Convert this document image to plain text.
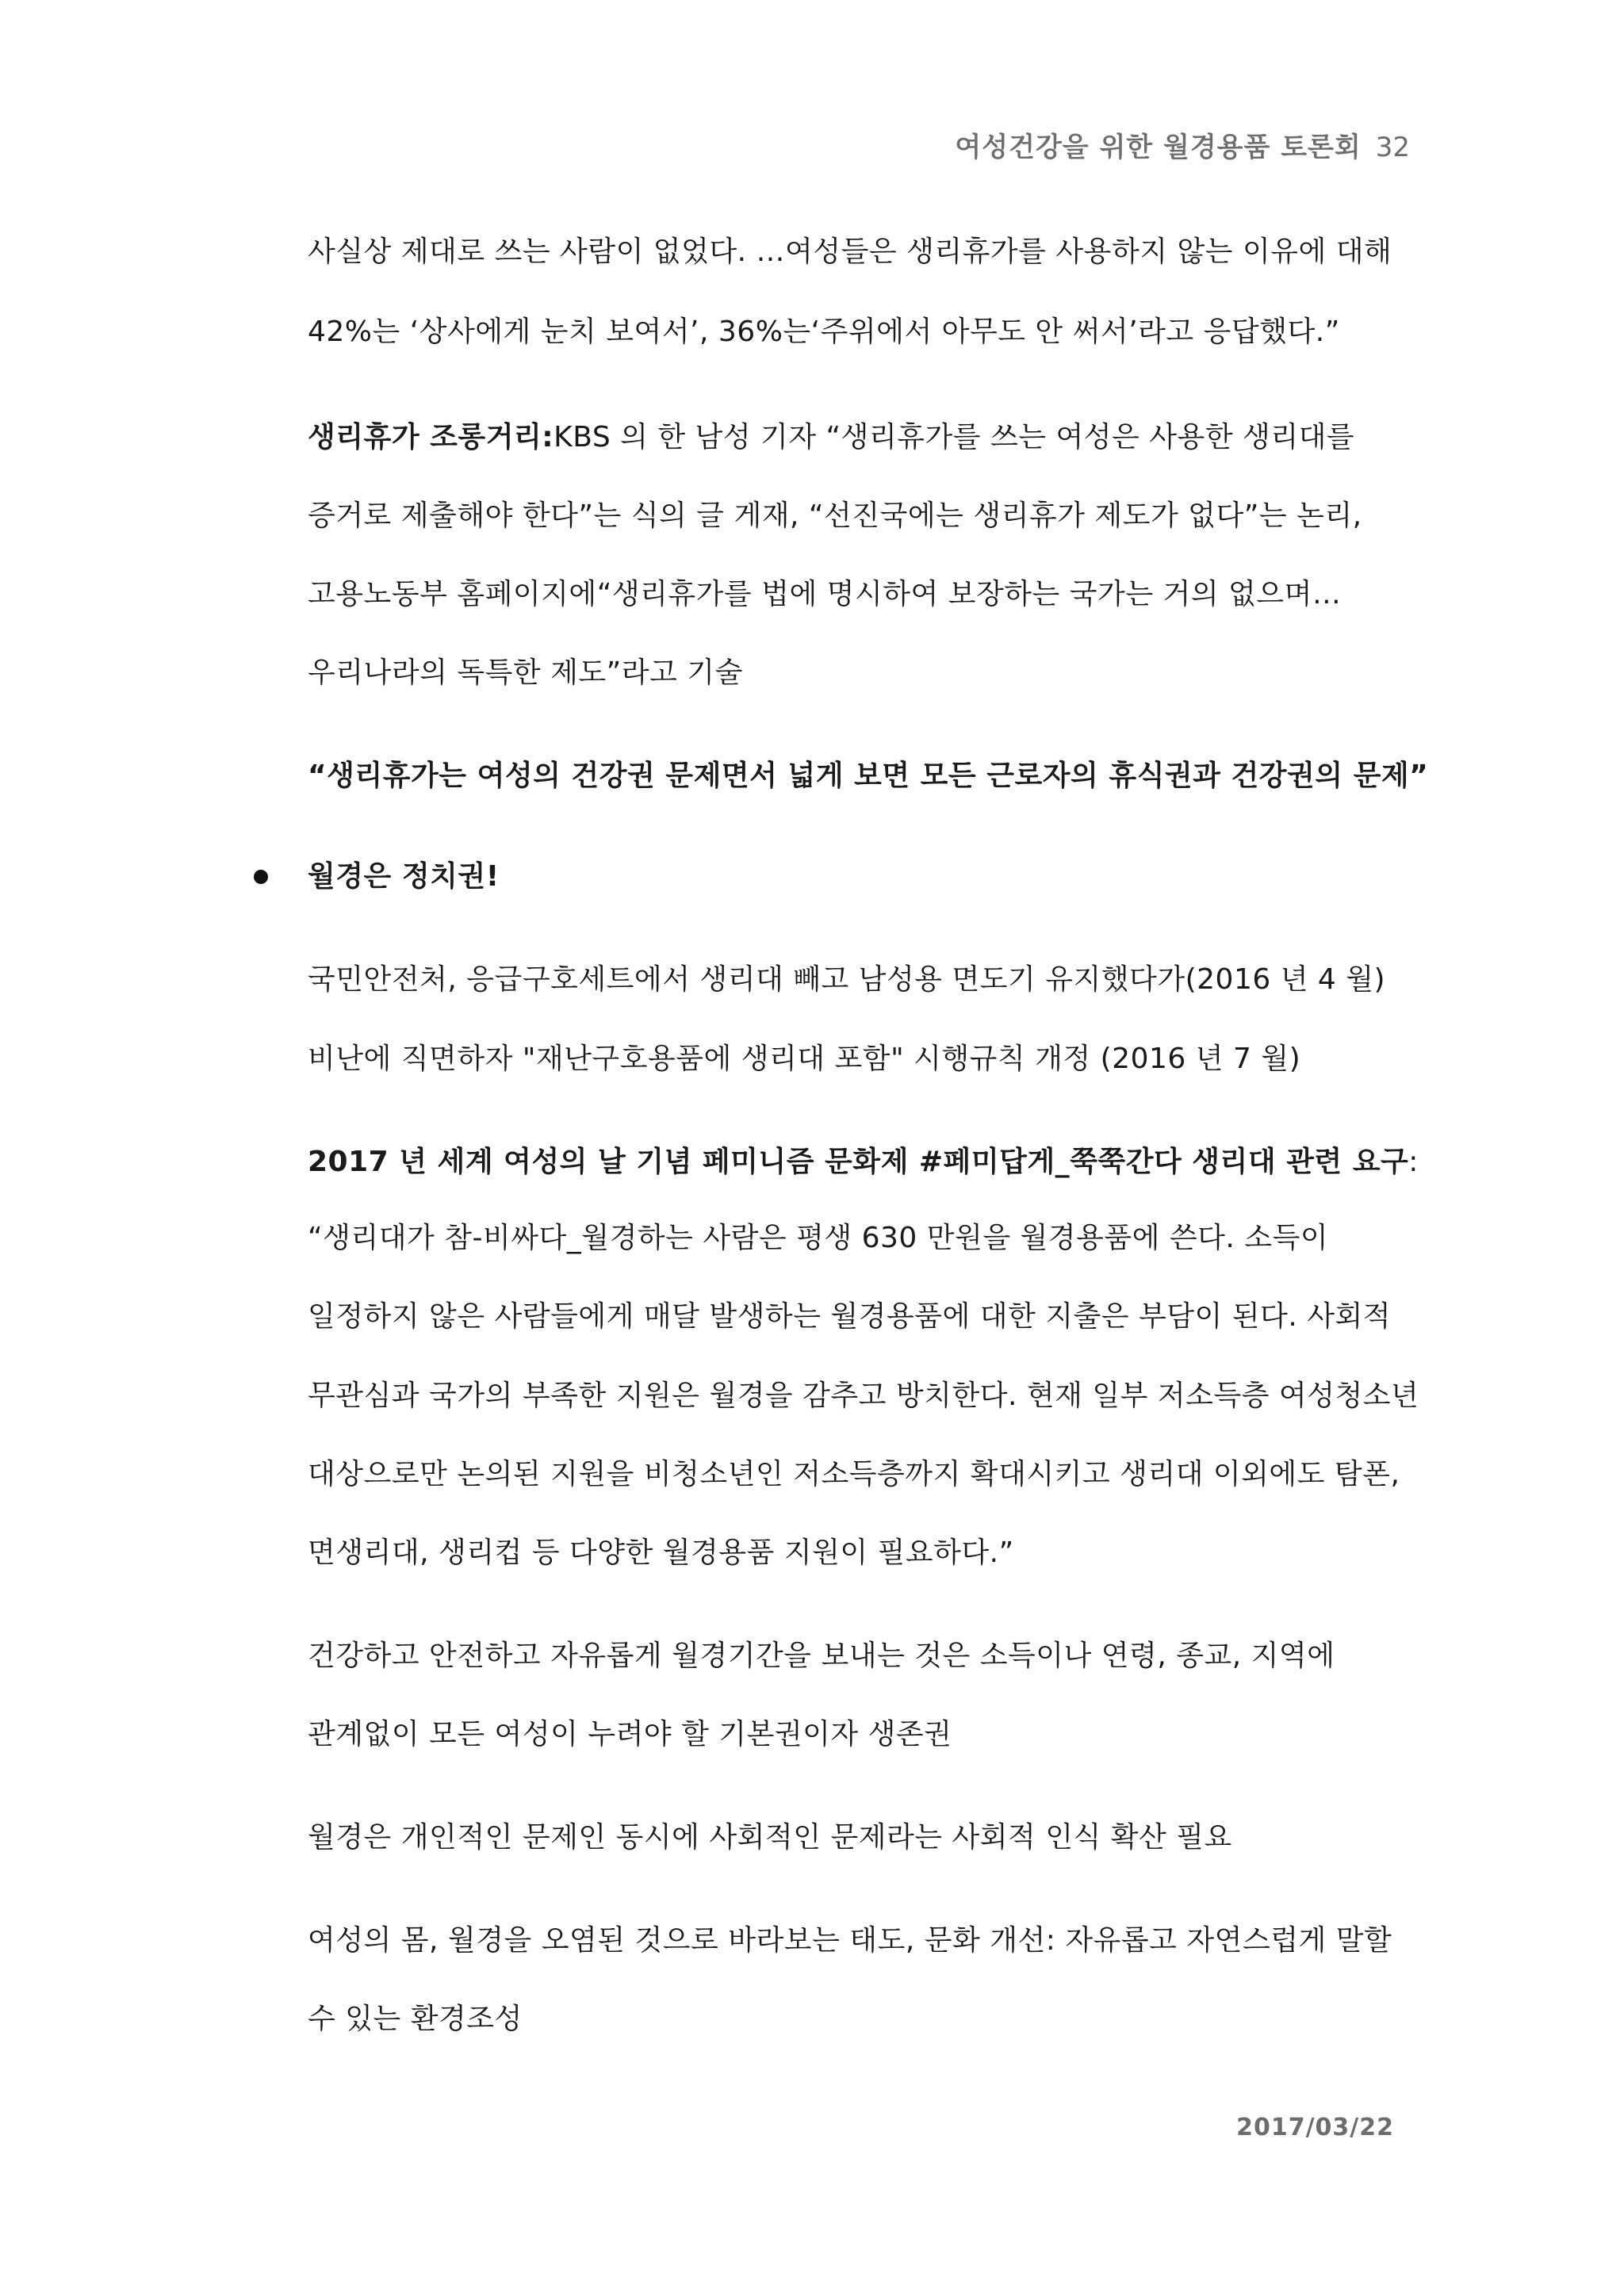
여성건강을 위한 월경용품 토론회 32
사실상 제대로 쓰는 사람이 없었다. …여성들은 생리휴가를 사용하지 않는 이유에 대해
42%는 ‘상사에게 눈치 보여서’, 36%는‘주위에서 아무도 안 써서’라고 응답했다.”
생리휴가 조롱거리:KBS 의 한 남성 기자 “생리휴가를 쓰는 여성은 사용한 생리대를
증거로 제출해야 한다”는 식의 글 게재, “선진국에는 생리휴가 제도가 없다”는 논리,
고용노동부 홈페이지에“생리휴가를 법에 명시하여 보장하는 국가는 거의 없으며…
우리나라의 독특한 제도”라고 기술
“생리휴가는 여성의 건강권 문제면서 넓게 보면 모든 근로자의 휴식권과 건강권의 문제”
월경은 정치권!
국민안전처, 응급구호세트에서 생리대 빼고 남성용 면도기 유지했다가(2016 년 4 월)
비난에 직면하자 "재난구호용품에 생리대 포함" 시행규칙 개정 (2016 년 7 월)
2017 년 세계 여성의 날 기념 페미니즘 문화제 #페미답게_쭉쭉간다 생리대 관련 요구:
“생리대가 참-비싸다_월경하는 사람은 평생 630 만원을 월경용품에 쓴다. 소득이
일정하지 않은 사람들에게 매달 발생하는 월경용품에 대한 지출은 부담이 된다. 사회적
무관심과 국가의 부족한 지원은 월경을 감추고 방치한다. 현재 일부 저소득층 여성청소년
대상으로만 논의된 지원을 비청소년인 저소득층까지 확대시키고 생리대 이외에도 탐폰,
면생리대, 생리컵 등 다양한 월경용품 지원이 필요하다.”
건강하고 안전하고 자유롭게 월경기간을 보내는 것은 소득이나 연령, 종교, 지역에
관계없이 모든 여성이 누려야 할 기본권이자 생존권
월경은 개인적인 문제인 동시에 사회적인 문제라는 사회적 인식 확산 필요
여성의 몸, 월경을 오염된 것으로 바라보는 태도, 문화 개선: 자유롭고 자연스럽게 말할
수 있는 환경조성
2017/03/22
